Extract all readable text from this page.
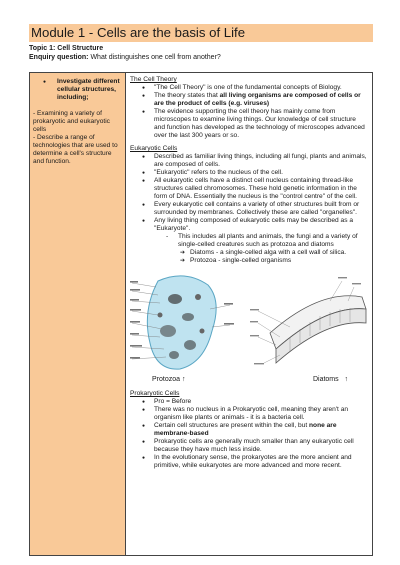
Module 1 - Cells are the basis of Life
Topic 1: Cell Structure
Enquiry question: What distinguishes one cell from another?
● Investigate different cellular structures, including;

- Examining a variety of prokaryotic and eukaryotic cells

- Describe a range of technologies that are used to determine a cell's structure and function.

The Cell Theory
● "The Cell Theory" is one of the fundamental concepts of Biology.
● The theory states that all living organisms are composed of cells or are the product of cells (e.g. viruses)
● The evidence supporting the cell theory has mainly come from microscopes to examine living things. Our knowledge of cell structure and function has developed as the technology of microscopes advanced over the last 300 years or so.
Eukaryotic Cells
● Described as familiar living things, including all fungi, plants and animals, are composed of cells.
● "Eukaryotic" refers to the nucleus of the cell.
● All eukaryotic cells have a distinct cell nucleus containing thread-like structures called chromosomes. These hold genetic information in the form of DNA. Essentially the nucleus is the "control centre" of the cell.
● Every eukaryotic cell contains a variety of other structures built from or surrounded by membranes. Collectively these are called "organelles".
● Any living thing composed of eukaryotic cells may be described as a "Eukaryote".
- This includes all plants and animals, the fungi and a variety of single-celled creatures such as protozoa and diatoms
➔ Diatoms - a single-celled alga with a cell wall of silica.
➔ Protozoa - single-celled organisms
Protozoa ↑	Diatoms ↑
Prokaryotic Cells
● Pro = Before
● There was no nucleus in a Prokaryotic cell, meaning they aren't an organism like plants or animals - it is a bacteria cell.
● Certain cell structures are present within the cell, but none are membrane-based
● Prokaryotic cells are generally much smaller than any eukaryotic cell because they have much less inside.
● In the evolutionary sense, the prokaryotes are the more ancient and primitive, while eukaryotes are more advanced and more recent.
